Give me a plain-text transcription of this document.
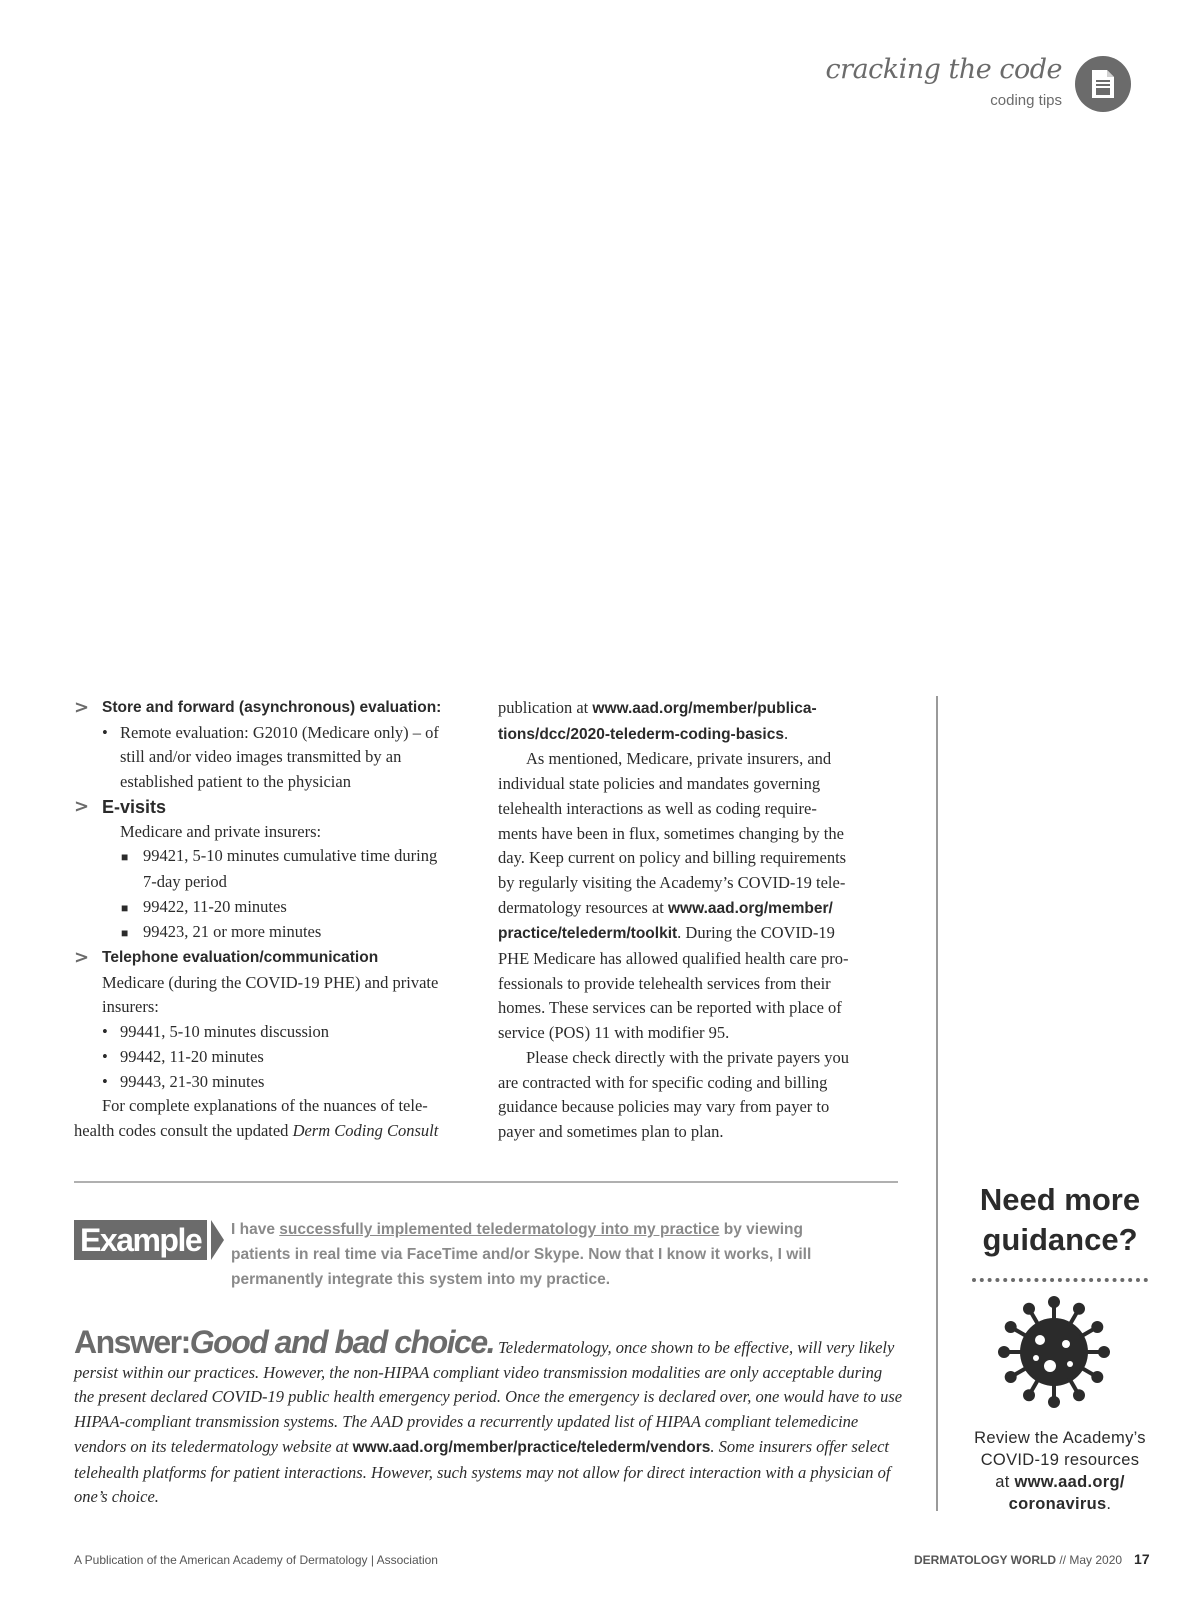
cracking the code
coding tips
> Store and forward (asynchronous) evaluation:
• Remote evaluation: G2010 (Medicare only) – of
still and/or video images transmitted by an
established patient to the physician
> E-visits
Medicare and private insurers:
■ 99421, 5-10 minutes cumulative time during
7-day period
■ 99422, 11-20 minutes
■ 99423, 21 or more minutes
> Telephone evaluation/communication
Medicare (during the COVID-19 PHE) and private
insurers:
• 99441, 5-10 minutes discussion
• 99442, 11-20 minutes
• 99443, 21-30 minutes
For complete explanations of the nuances of tele-
health codes consult the updated Derm Coding Consult
publication at www.aad.org/member/publica-
tions/dcc/2020-telederm-coding-basics.
As mentioned, Medicare, private insurers, and
individual state policies and mandates governing
telehealth interactions as well as coding require-
ments have been in flux, sometimes changing by the
day. Keep current on policy and billing requirements
by regularly visiting the Academy’s COVID-19 tele-
dermatology resources at www.aad.org/member/
practice/telederm/toolkit. During the COVID-19
PHE Medicare has allowed qualified health care pro-
fessionals to provide telehealth services from their
homes. These services can be reported with place of
service (POS) 11 with modifier 95.
Please check directly with the private payers you
are contracted with for specific coding and billing
guidance because policies may vary from payer to
payer and sometimes plan to plan.
Example 1 I have successfully implemented teledermatology into my practice by viewing
patients in real time via FaceTime and/or Skype. Now that I know it works, I will
permanently integrate this system into my practice.
Answer:Good and bad choice. Teledermatology, once shown to be effective, will very likely persist within our practices. However, the non-HIPAA compliant video transmission modalities are only acceptable during the present declared COVID-19 public health emergency period. Once the emergency is declared over, one would have to use HIPAA-compliant transmission systems. The AAD provides a recurrently updated list of HIPAA compliant telemedicine vendors on its teledermatology website at www.aad.org/member/practice/telederm/vendors. Some insurers offer select telehealth platforms for patient interactions. However, such systems may not allow for direct interaction with a physician of one’s choice.
Need more
guidance?
Review the Academy’s
COVID-19 resources
at www.aad.org/
coronavirus.
A Publication of the American Academy of Dermatology | Association	DERMATOLOGY WORLD // May 2020 17
